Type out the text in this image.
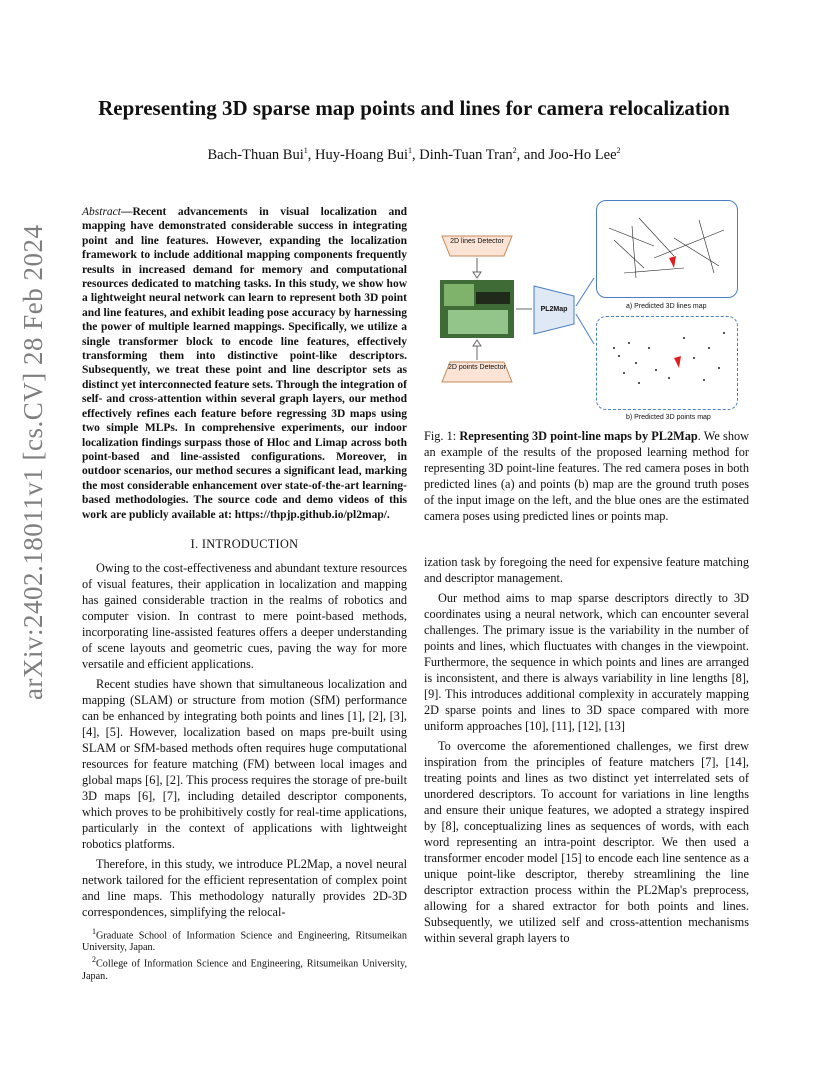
arXiv:2402.18011v1 [cs.CV] 28 Feb 2024
Representing 3D sparse map points and lines for camera relocalization
Bach-Thuan Bui$^1$, Huy-Hoang Bui$^1$, Dinh-Tuan Tran$^2$, and Joo-Ho Lee$^2$
Abstract—Recent advancements in visual localization and mapping have demonstrated considerable success in integrating point and line features. However, expanding the localization framework to include additional mapping components frequently results in increased demand for memory and computational resources dedicated to matching tasks. In this study, we show how a lightweight neural network can learn to represent both 3D point and line features, and exhibit leading pose accuracy by harnessing the power of multiple learned mappings. Specifically, we utilize a single transformer block to encode line features, effectively transforming them into distinctive point-like descriptors. Subsequently, we treat these point and line descriptor sets as distinct yet interconnected feature sets. Through the integration of self- and cross-attention within several graph layers, our method effectively refines each feature before regressing 3D maps using two simple MLPs. In comprehensive experiments, our indoor localization findings surpass those of Hloc and Limap across both point-based and line-assisted configurations. Moreover, in outdoor scenarios, our method secures a significant lead, marking the most considerable enhancement over state-of-the-art learning-based methodologies. The source code and demo videos of this work are publicly available at: https://thpjp.github.io/pl2map/.
I. INTRODUCTION

Owing to the cost-effectiveness and abundant texture resources of visual features, their application in localization and mapping has gained considerable traction in the realms of robotics and computer vision. In contrast to mere point-based methods, incorporating line-assisted features offers a deeper understanding of scene layouts and geometric cues, paving the way for more versatile and efficient applications.

Recent studies have shown that simultaneous localization and mapping (SLAM) or structure from motion (SfM) performance can be enhanced by integrating both points and lines [1], [2], [3], [4], [5]. However, localization based on maps pre-built using SLAM or SfM-based methods often requires huge computational resources for feature matching (FM) between local images and global maps [6], [2]. This process requires the storage of pre-built 3D maps [6], [7], including detailed descriptor components, which proves to be prohibitively costly for real-time applications, particularly in the context of applications with lightweight robotics platforms.

Therefore, in this study, we introduce PL2Map, a novel neural network tailored for the efficient representation of complex point and line maps. This methodology naturally provides 2D-3D correspondences, simplifying the relocal-

$^1$Graduate School of Information Science and Engineering, Ritsumeikan University, Japan.
$^2$College of Information Science and Engineering, Ritsumeikan University, Japan.
2D lines Detector
2D points Detector
PL2Map	a) Predicted 3D lines map
b) Predicted 3D points map
Fig. 1: Representing 3D point-line maps by PL2Map. We show an example of the results of the proposed learning method for representing 3D point-line features. The red camera poses in both predicted lines (a) and points (b) map are the ground truth poses of the input image on the left, and the blue ones are the estimated camera poses using predicted lines or points map.

ization task by foregoing the need for expensive feature matching and descriptor management.

Our method aims to map sparse descriptors directly to 3D coordinates using a neural network, which can encounter several challenges. The primary issue is the variability in the number of points and lines, which fluctuates with changes in the viewpoint. Furthermore, the sequence in which points and lines are arranged is inconsistent, and there is always variability in line lengths [8], [9]. This introduces additional complexity in accurately mapping 2D sparse points and lines to 3D space compared with more uniform approaches [10], [11], [12], [13]

To overcome the aforementioned challenges, we first drew inspiration from the principles of feature matchers [7], [14], treating points and lines as two distinct yet interrelated sets of unordered descriptors. To account for variations in line lengths and ensure their unique features, we adopted a strategy inspired by [8], conceptualizing lines as sequences of words, with each word representing an intra-point descriptor. We then used a transformer encoder model [15] to encode each line sentence as a unique point-like descriptor, thereby streamlining the line descriptor extraction process within the PL2Map's preprocess, allowing for a shared extractor for both points and lines. Subsequently, we utilized self and cross-attention mechanisms within several graph layers to
